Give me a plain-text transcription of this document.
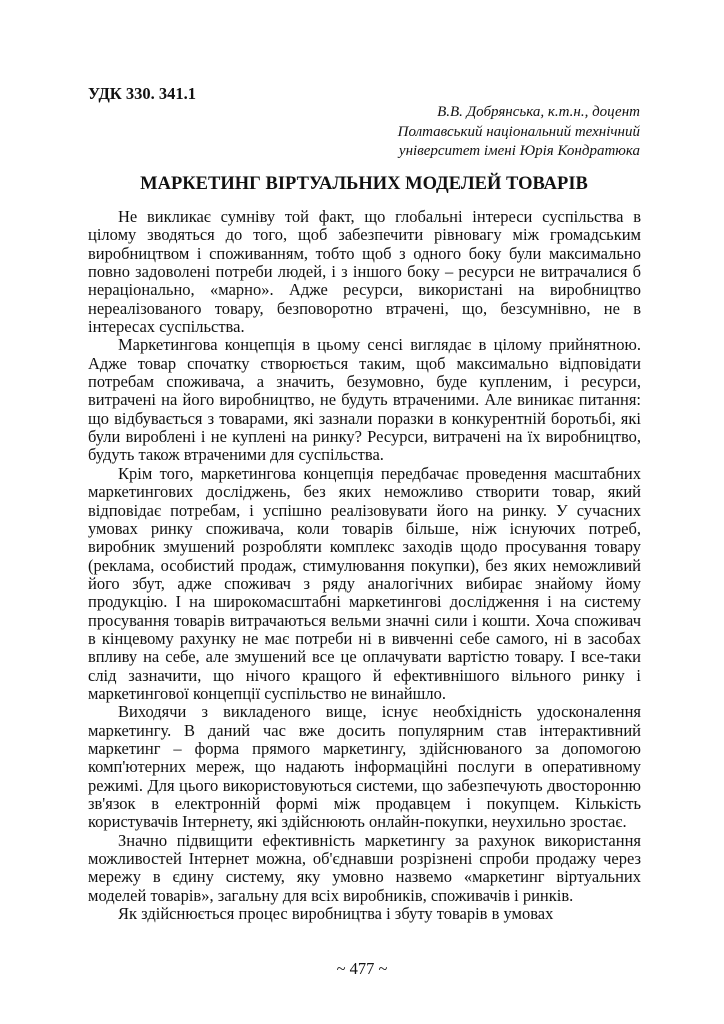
УДК 330. 341.1

В.В. Добрянська, к.т.н., доцент
Полтавський національний технічний
університет імені Юрія Кондратюка
МАРКЕТИНГ ВІРТУАЛЬНИХ МОДЕЛЕЙ ТОВАРІВ

Не викликає сумніву той факт, що глобальні інтереси суспільства в цілому зводяться до того, щоб забезпечити рівновагу між громадським виробництвом і споживанням, тобто щоб з одного боку були максимально повно задоволені потреби людей, і з іншого боку – ресурси не витрачалися б нераціонально, «марно». Адже ресурси, використані на виробництво нереалізованого товару, безповоротно втрачені, що, безсумнівно, не в інтересах суспільства.

Маркетингова концепція в цьому сенсі виглядає в цілому прийнятною. Адже товар спочатку створюється таким, щоб максимально відповідати потребам споживача, а значить, безумовно, буде купленим, і ресурси, витрачені на його виробництво, не будуть втраченими. Але виникає питання: що відбувається з товарами, які зазнали поразки в конкурентній боротьбі, які були вироблені і не куплені на ринку? Ресурси, витрачені на їх виробництво, будуть також втраченими для суспільства.

Крім того, маркетингова концепція передбачає проведення масштабних маркетингових досліджень, без яких неможливо створити товар, який відповідає потребам, і успішно реалізовувати його на ринку. У сучасних умовах ринку споживача, коли товарів більше, ніж існуючих потреб, виробник змушений розробляти комплекс заходів щодо просування товару (реклама, особистий продаж, стимулювання покупки), без яких неможливий його збут, адже споживач з ряду аналогічних вибирає знайому йому продукцію. І на широкомасштабні маркетингові дослідження і на систему просування товарів витрачаються вельми значні сили і кошти. Хоча споживач в кінцевому рахунку не має потреби ні в вивченні себе самого, ні в засобах впливу на себе, але змушений все це оплачувати вартістю товару. І все-таки слід зазначити, що нічого кращого й ефективнішого вільного ринку і маркетингової концепції суспільство не винайшло.

Виходячи з викладеного вище, існує необхідність удосконалення маркетингу. В даний час вже досить популярним став інтерактивний маркетинг – форма прямого маркетингу, здійснюваного за допомогою комп'ютерних мереж, що надають інформаційні послуги в оперативному режимі. Для цього використовуються системи, що забезпечують двосторонню зв'язок в електронній формі між продавцем і покупцем. Кількість користувачів Інтернету, які здійснюють онлайн-покупки, неухильно зростає.

Значно підвищити ефективність маркетингу за рахунок використання можливостей Інтернет можна, об'єднавши розрізнені спроби продажу через мережу в єдину систему, яку умовно назвемо «маркетинг віртуальних моделей товарів», загальну для всіх виробників, споживачів і ринків.

Як здійснюється процес виробництва і збуту товарів в умовах

~ 477 ~
